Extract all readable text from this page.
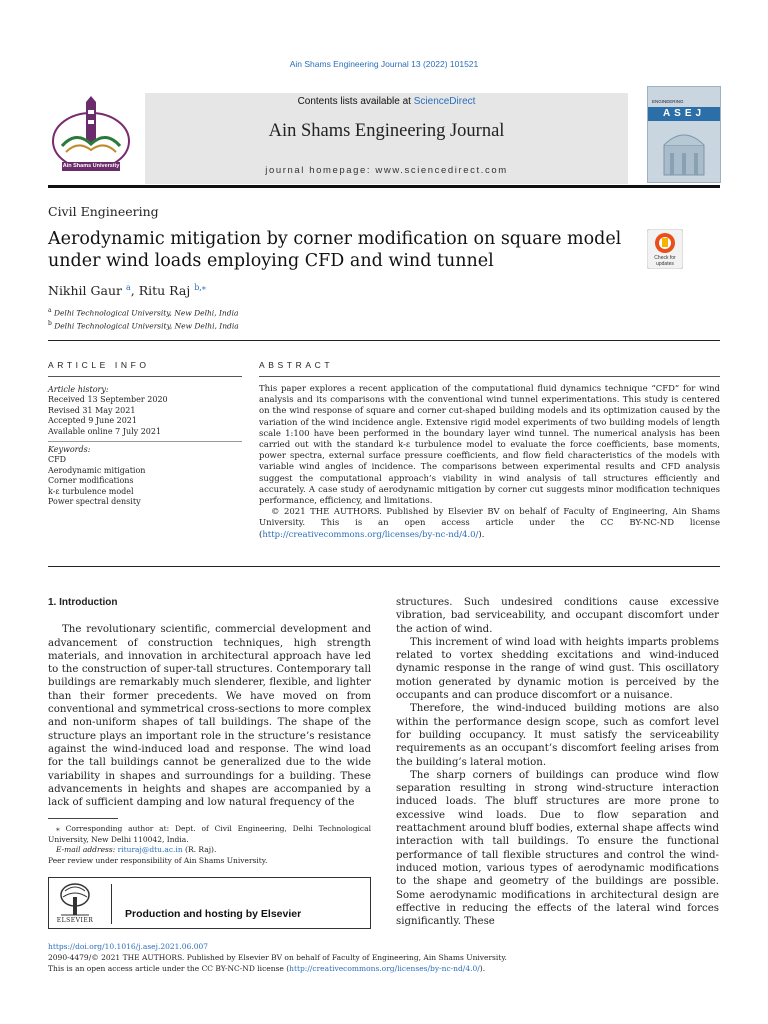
Ain Shams Engineering Journal 13 (2022) 101521
Ain Shams University
Contents lists available at ScienceDirect
Ain Shams Engineering Journal
journal homepage: www.sciencedirect.com
ENGINEERING
ASEJ
Civil Engineering
Aerodynamic mitigation by corner modification on square model under wind loads employing CFD and wind tunnel	Check for
updates
Nikhil Gaur $^a$, Ritu Raj $^{b,⁎}$
$^a$ Delhi Technological University, New Delhi, India
$^b$ Delhi Technological University, New Delhi, India
ARTICLE INFO
Article history:
Received 13 September 2020
Revised 31 May 2021
Accepted 9 June 2021
Available online 7 July 2021
Keywords:
CFD
Aerodynamic mitigation
Corner modifications
k-ε turbulence model
Power spectral density
ABSTRACT

This paper explores a recent application of the computational fluid dynamics technique “CFD” for wind analysis and its comparisons with the conventional wind tunnel experimentations. This study is centered on the wind response of square and corner cut-shaped building models and its optimization caused by the variation of the wind incidence angle. Extensive rigid model experiments of two building models of length scale 1:100 have been performed in the boundary layer wind tunnel. The numerical analysis has been carried out with the standard k-ε turbulence model to evaluate the force coefficients, base moments, power spectra, external surface pressure coefficients, and flow field characteristics of the models with variable wind angles of incidence. The comparisons between experimental results and CFD analysis suggest the computational approach’s viability in wind analysis of tall structures efficiently and accurately. A case study of aerodynamic mitigation by corner cut suggests minor modification techniques performance, efficiency, and limitations.

© 2021 THE AUTHORS. Published by Elsevier BV on behalf of Faculty of Engineering, Ain Shams University. This is an open access article under the CC BY-NC-ND license (http://creativecommons.org/licenses/by-nc-nd/4.0/).

1. Introduction

The revolutionary scientific, commercial development and advancement of construction techniques, high strength materials, and innovation in architectural approach have led to the construction of super-tall structures. Contemporary tall buildings are remarkably much slenderer, flexible, and lighter than their former precedents. We have moved on from conventional and symmetrical cross-sections to more complex and non-uniform shapes of tall buildings. The shape of the structure plays an important role in the structure’s resistance against the wind-induced load and response. The wind load for the tall buildings cannot be generalized due to the wide variability in shapes and surroundings for a building. These advancements in heights and shapes are accompanied by a lack of sufficient damping and low natural frequency of the

structures. Such undesired conditions cause excessive vibration, bad serviceability, and occupant discomfort under the action of wind.

This increment of wind load with heights imparts problems related to vortex shedding excitations and wind-induced dynamic response in the range of wind gust. This oscillatory motion generated by dynamic motion is perceived by the occupants and can produce discomfort or a nuisance.

Therefore, the wind-induced building motions are also within the performance design scope, such as comfort level for building occupancy. It must satisfy the serviceability requirements as an occupant’s discomfort feeling arises from the building’s lateral motion.

The sharp corners of buildings can produce wind flow separation resulting in strong wind-structure interaction induced loads. The bluff structures are more prone to excessive wind loads. Due to flow separation and reattachment around bluff bodies, external shape affects wind interaction with tall buildings. To ensure the functional performance of tall flexible structures and control the wind-induced motion, various types of aerodynamic modifications to the shape and geometry of the buildings are possible. Some aerodynamic modifications in architectural design are effective in reducing the effects of the lateral wind forces significantly. These

⁎ Corresponding author at: Dept. of Civil Engineering, Delhi Technological University, New Delhi 110042, India.

E-mail address: rituraj@dtu.ac.in (R. Raj).

Peer review under responsibility of Ain Shams University.

ELSEVIER
Production and hosting by Elsevier
https://doi.org/10.1016/j.asej.2021.06.007
2090-4479/© 2021 THE AUTHORS. Published by Elsevier BV on behalf of Faculty of Engineering, Ain Shams University.
This is an open access article under the CC BY-NC-ND license (http://creativecommons.org/licenses/by-nc-nd/4.0/).
